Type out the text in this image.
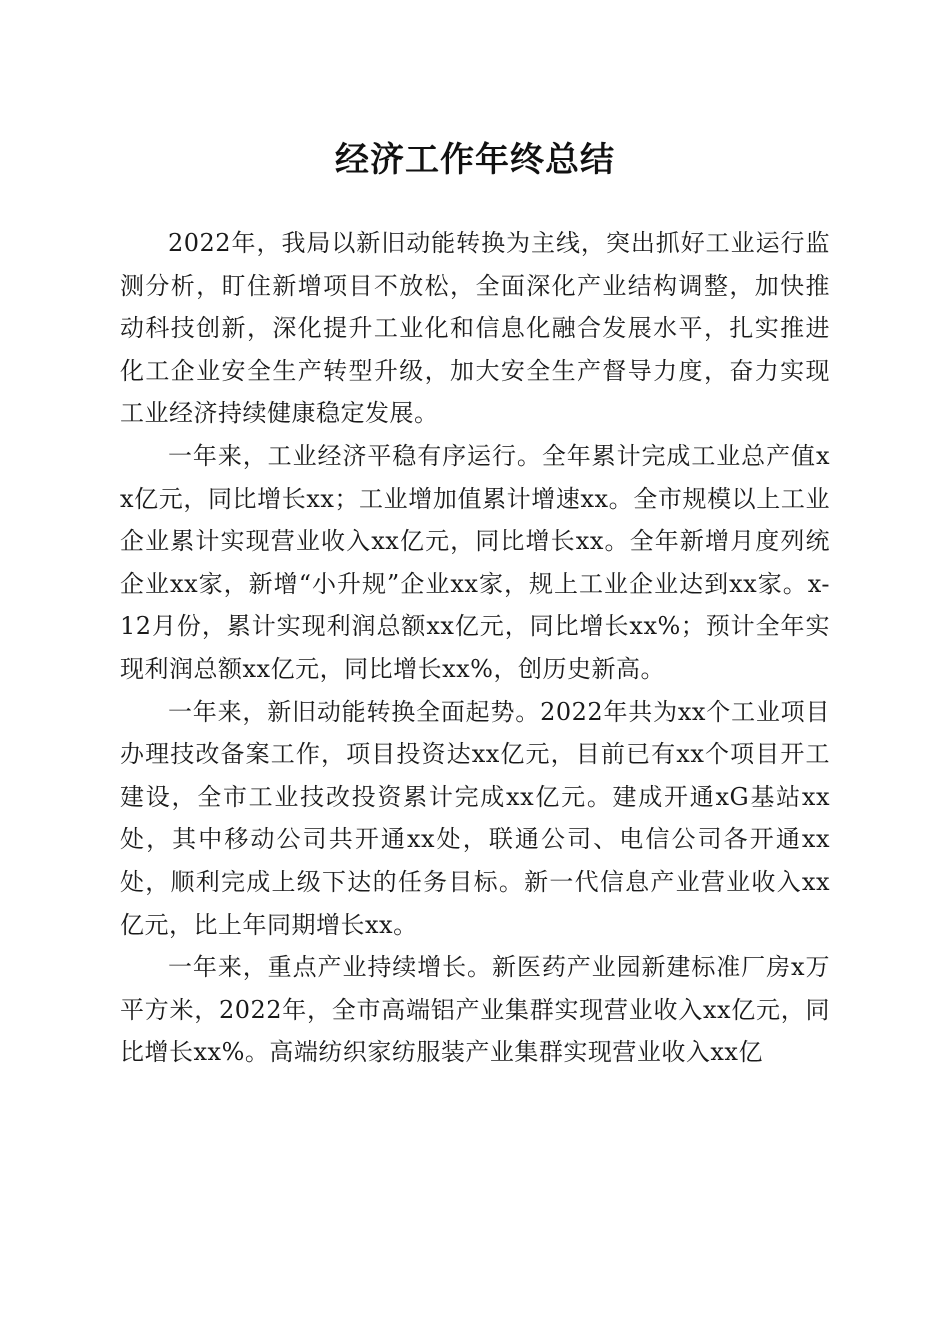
经济工作年终总结

2022年，我局以新旧动能转换为主线，突出抓好工业运行监测分析，盯住新增项目不放松，全面深化产业结构调整，加快推动科技创新，深化提升工业化和信息化融合发展水平，扎实推进化工企业安全生产转型升级，加大安全生产督导力度，奋力实现工业经济持续健康稳定发展。

一年来，工业经济平稳有序运行。全年累计完成工业总产值xx亿元，同比增长xx；工业增加值累计增速xx。全市规模以上工业企业累计实现营业收入xx亿元，同比增长xx。全年新增月度列统企业xx家，新增“小升规”企业xx家，规上工业企业达到xx家。x-12月份，累计实现利润总额xx亿元，同比增长xx%；预计全年实现利润总额xx亿元，同比增长xx%，创历史新高。

一年来，新旧动能转换全面起势。2022年共为xx个工业项目办理技改备案工作，项目投资达xx亿元，目前已有xx个项目开工建设，全市工业技改投资累计完成xx亿元。建成开通xG基站xx处，其中移动公司共开通xx处，联通公司、电信公司各开通xx处，顺利完成上级下达的任务目标。新一代信息产业营业收入xx亿元，比上年同期增长xx。

一年来，重点产业持续增长。新医药产业园新建标准厂房x万平方米，2022年，全市高端铝产业集群实现营业收入xx亿元，同比增长xx%。高端纺织家纺服装产业集群实现营业收入xx亿
